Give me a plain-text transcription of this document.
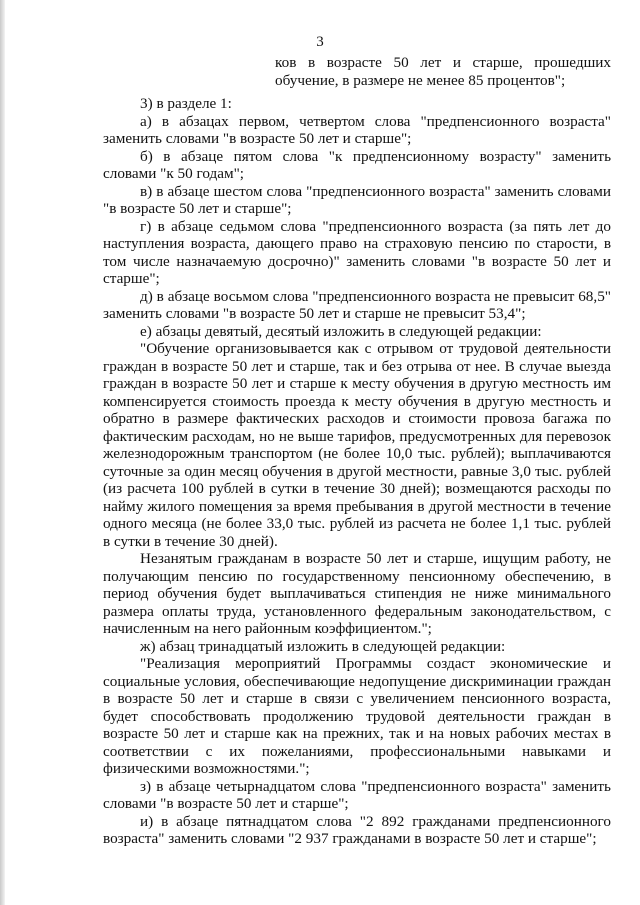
3

ков в возрасте 50 лет и старше, прошедших обучение, в размере не менее 85 процентов";

3) в разделе 1:

а) в абзацах первом, четвертом слова "предпенсионного возраста" заменить словами "в возрасте 50 лет и старше";

б) в абзаце пятом слова "к предпенсионному возрасту" заменить словами "к 50 годам";

в) в абзаце шестом слова "предпенсионного возраста" заменить словами "в возрасте 50 лет и старше";

г) в абзаце седьмом слова "предпенсионного возраста (за пять лет до наступления возраста, дающего право на страховую пенсию по старости, в том числе назначаемую досрочно)" заменить словами "в возрасте 50 лет и старше";

д) в абзаце восьмом слова "предпенсионного возраста не превысит 68,5" заменить словами "в возрасте 50 лет и старше не превысит 53,4";

е) абзацы девятый, десятый изложить в следующей редакции:

"Обучение организовывается как с отрывом от трудовой деятельности граждан в возрасте 50 лет и старше, так и без отрыва от нее. В случае выезда граждан в возрасте 50 лет и старше к месту обучения в другую местность им компенсируется стоимость проезда к месту обучения в другую местность и обратно в размере фактических расходов и стоимости провоза багажа по фактическим расходам, но не выше тарифов, предусмотренных для перевозок железнодорожным транспортом (не более 10,0 тыс. рублей); выплачиваются суточные за один месяц обучения в другой местности, равные 3,0 тыс. рублей (из расчета 100 рублей в сутки в течение 30 дней); возмещаются расходы по найму жилого помещения за время пребывания в другой местности в течение одного месяца (не более 33,0 тыс. рублей из расчета не более 1,1 тыс. рублей в сутки в течение 30 дней).

Незанятым гражданам в возрасте 50 лет и старше, ищущим работу, не получающим пенсию по государственному пенсионному обеспечению, в период обучения будет выплачиваться стипендия не ниже минимального размера оплаты труда, установленного федеральным законодательством, с начисленным на него районным коэффициентом.";

ж) абзац тринадцатый изложить в следующей редакции:

"Реализация мероприятий Программы создаст экономические и социальные условия, обеспечивающие недопущение дискриминации граждан в возрасте 50 лет и старше в связи с увеличением пенсионного возраста, будет способствовать продолжению трудовой деятельности граждан в возрасте 50 лет и старше как на прежних, так и на новых рабочих местах в соответствии с их пожеланиями, профессиональными навыками и физическими возможностями.";

з) в абзаце четырнадцатом слова "предпенсионного возраста" заменить словами "в возрасте 50 лет и старше";

и) в абзаце пятнадцатом слова "2 892 гражданами предпенсионного возраста" заменить словами "2 937 гражданами в возрасте 50 лет и старше";
